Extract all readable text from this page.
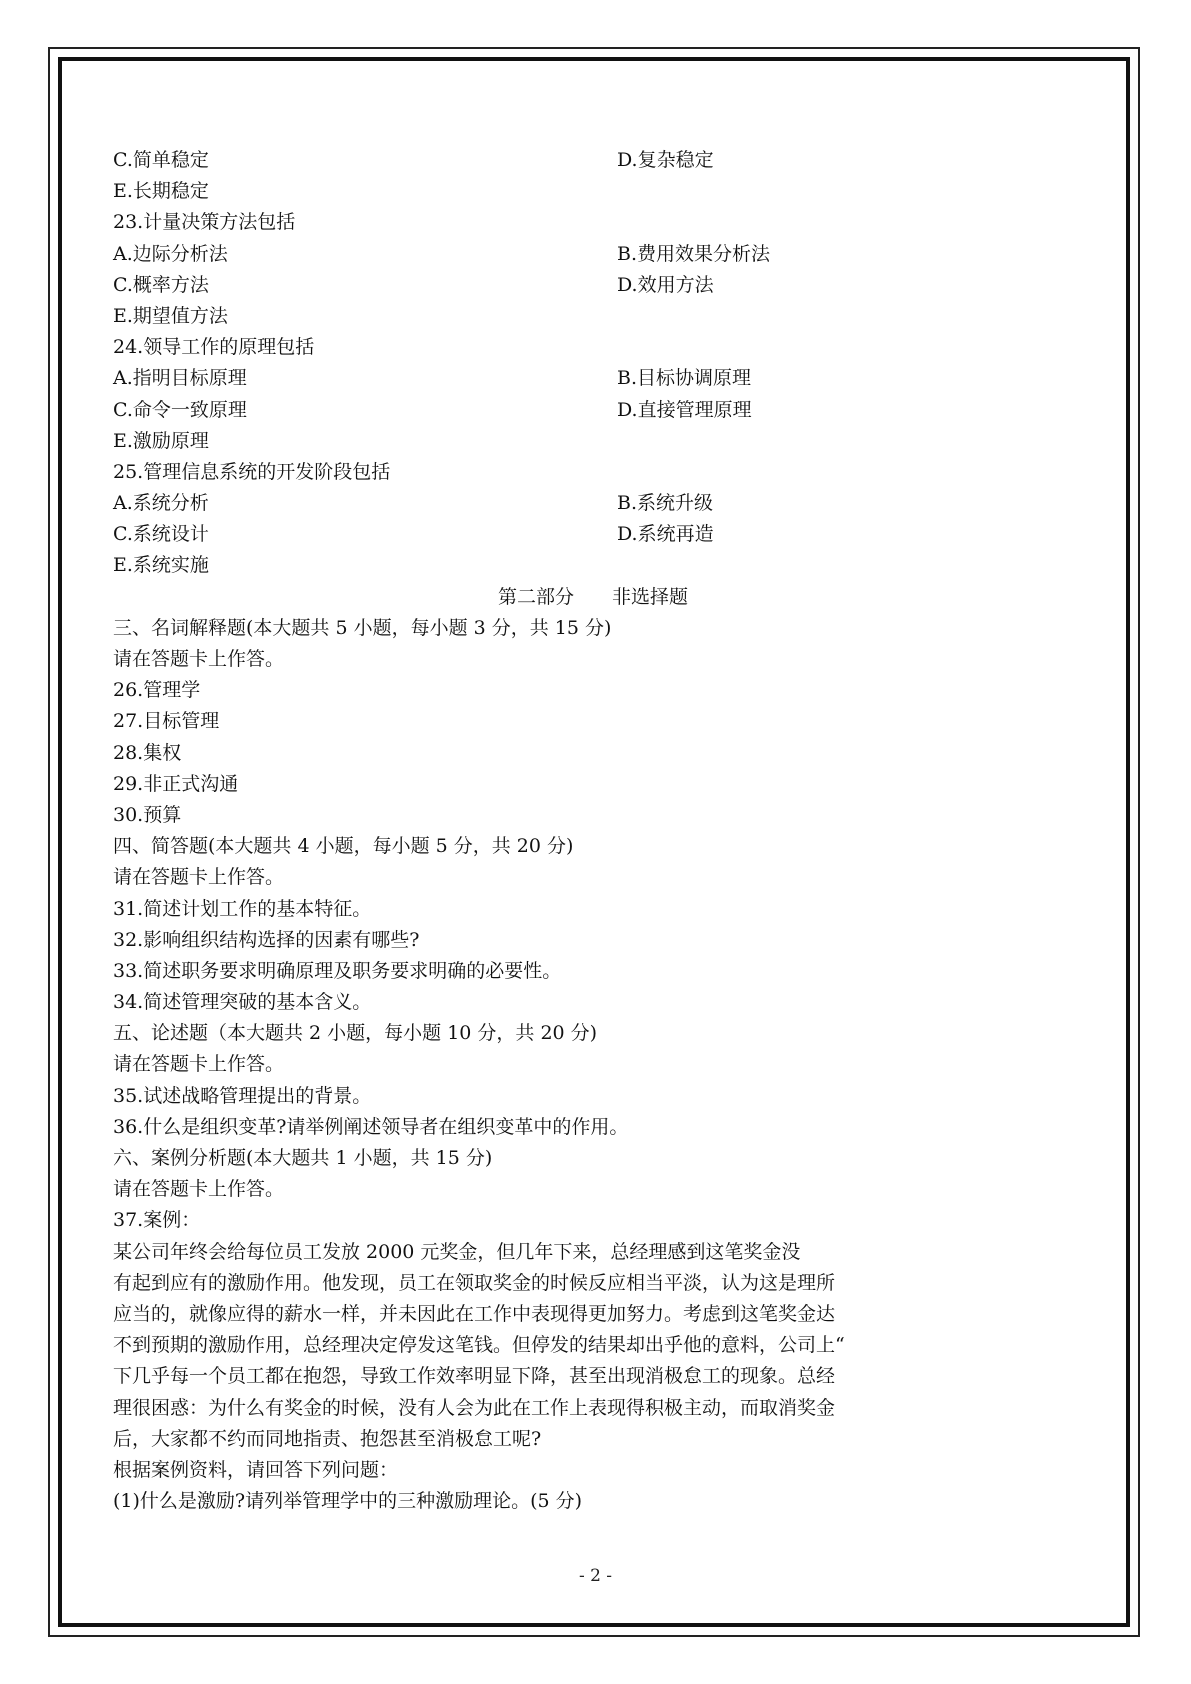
C.简单稳定	D.复杂稳定
E.长期稳定
23.计量决策方法包括
A.边际分析法	B.费用效果分析法
C.概率方法	D.效用方法
E.期望值方法
24.领导工作的原理包括
A.指明目标原理	B.目标协调原理
C.命令一致原理	D.直接管理原理
E.激励原理
25.管理信息系统的开发阶段包括
A.系统分析	B.系统升级
C.系统设计	D.系统再造
E.系统实施
第二部分　　非选择题
三、名词解释题(本大题共 5 小题，每小题 3 分，共 15 分)
请在答题卡上作答。
26.管理学
27.目标管理
28.集权
29.非正式沟通
30.预算
四、简答题(本大题共 4 小题，每小题 5 分，共 20 分)
请在答题卡上作答。
31.简述计划工作的基本特征。
32.影响组织结构选择的因素有哪些?
33.简述职务要求明确原理及职务要求明确的必要性。
34.简述管理突破的基本含义。
五、论述题（本大题共 2 小题，每小题 10 分，共 20 分)
请在答题卡上作答。
35.试述战略管理提出的背景。
36.什么是组织变革?请举例阐述领导者在组织变革中的作用。
六、案例分析题(本大题共 1 小题，共 15 分)
请在答题卡上作答。
37.案例：
某公司年终会给每位员工发放 2000 元奖金，但几年下来，总经理感到这笔奖金没
有起到应有的激励作用。他发现，员工在领取奖金的时候反应相当平淡，认为这是理所
应当的，就像应得的薪水一样，并未因此在工作中表现得更加努力。考虑到这笔奖金达
不到预期的激励作用，总经理决定停发这笔钱。但停发的结果却出乎他的意料，公司上“
下几乎每一个员工都在抱怨，导致工作效率明显下降，甚至出现消极怠工的现象。总经
理很困惑：为什么有奖金的时候，没有人会为此在工作上表现得积极主动，而取消奖金
后，大家都不约而同地指责、抱怨甚至消极怠工呢?
根据案例资料，请回答下列问题：
(1)什么是激励?请列举管理学中的三种激励理论。(5 分)
- 2 -
